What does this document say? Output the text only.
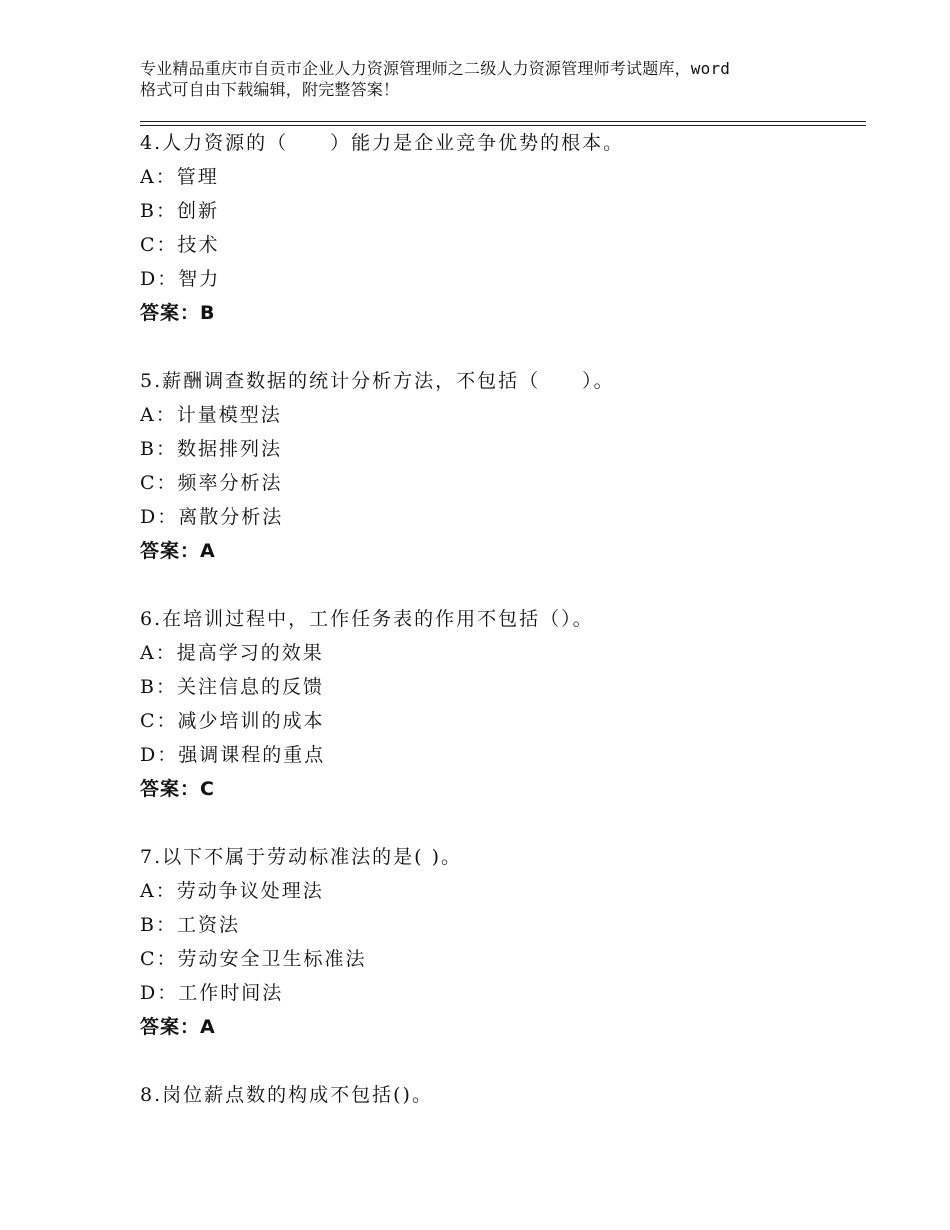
专业精品重庆市自贡市企业人力资源管理师之二级人力资源管理师考试题库，word
格式可自由下载编辑，附完整答案！
4.人力资源的（　　）能力是企业竞争优势的根本。
A：管理
B：创新
C：技术
D：智力
答案：B
5.薪酬调查数据的统计分析方法，不包括（　　）。
A：计量模型法
B：数据排列法
C：频率分析法
D：离散分析法
答案：A
6.在培训过程中，工作任务表的作用不包括（）。
A：提高学习的效果
B：关注信息的反馈
C：减少培训的成本
D：强调课程的重点
答案：C
7.以下不属于劳动标准法的是( )。
A：劳动争议处理法
B：工资法
C：劳动安全卫生标准法
D：工作时间法
答案：A
8.岗位薪点数的构成不包括()。
